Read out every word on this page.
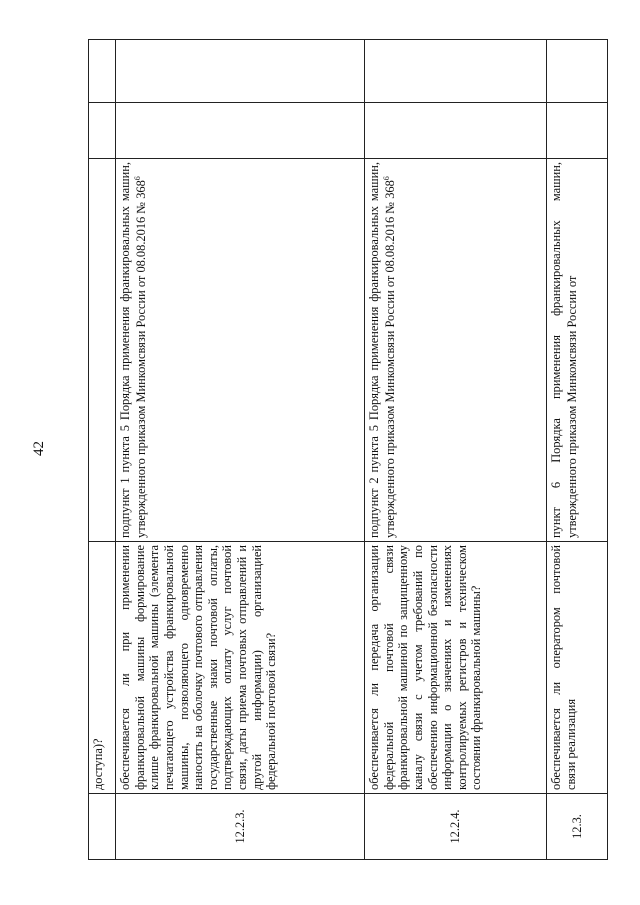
42
	доступа)?			
12.2.3.	обеспечивается ли при применении франкировальной машины формирование клише франкировальной машины (элемента печатающего устройства франкировальной машины, позволяющего одновременно наносить на оболочку почтового отправления государственные знаки почтовой оплаты, подтверждающих оплату услуг почтовой связи, даты приема почтовых отправлений и другой информации) организацией федеральной почтовой связи?	подпункт 1 пункта 5 Порядка применения франкировальных машин, утвержденного приказом Минкомсвязи России от 08.08.2016 № $368^6$		
12.2.4.	обеспечивается ли передача организации федеральной почтовой связи франкировальной машиной по защищенному каналу связи с учетом требований по обеспечению информационной безопасности информации о значениях и изменениях контролируемых регистров и техническом состоянии франкировальной машины?	подпункт 2 пункта 5 Порядка применения франкировальных машин, утвержденного приказом Минкомсвязи России от 08.08.2016 № $368^6$		
12.3.	обеспечивается ли оператором почтовой связи реализация	пункт 6 Порядка применения франкировальных машин, утвержденного приказом Минкомсвязи России от		
